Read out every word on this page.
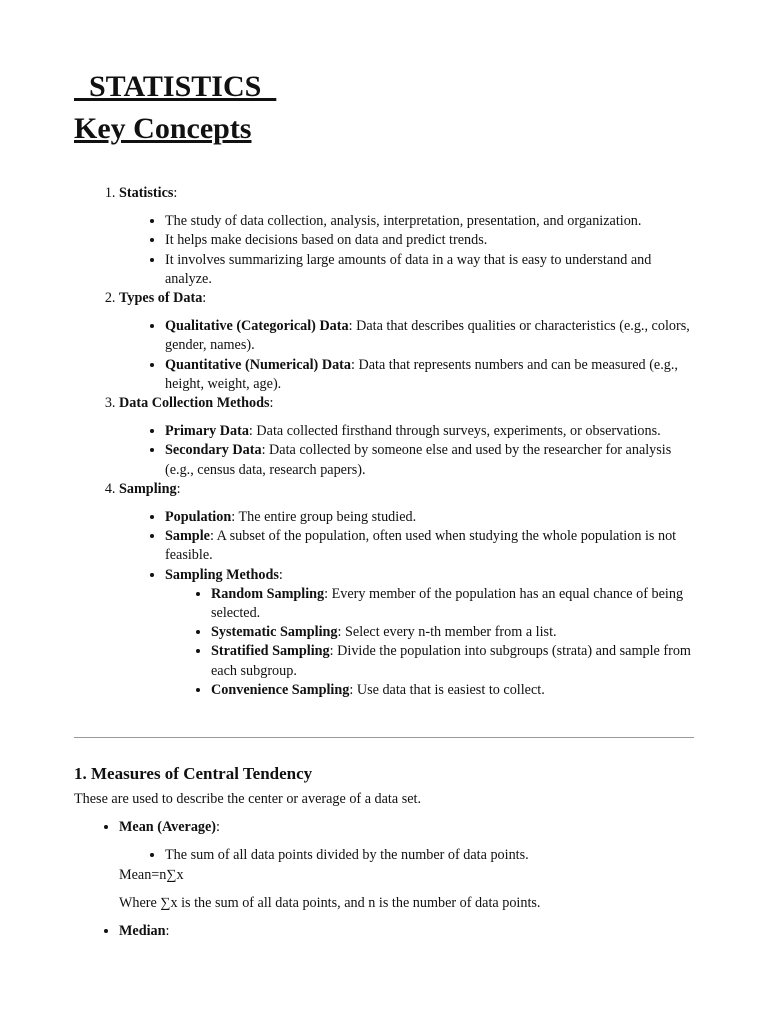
STATISTICS
Key Concepts
1. Statistics:
• The study of data collection, analysis, interpretation, presentation, and organization.
• It helps make decisions based on data and predict trends.
• It involves summarizing large amounts of data in a way that is easy to understand and analyze.
2. Types of Data:
• Qualitative (Categorical) Data: Data that describes qualities or characteristics (e.g., colors, gender, names).
• Quantitative (Numerical) Data: Data that represents numbers and can be measured (e.g., height, weight, age).
3. Data Collection Methods:
• Primary Data: Data collected firsthand through surveys, experiments, or observations.
• Secondary Data: Data collected by someone else and used by the researcher for analysis (e.g., census data, research papers).
4. Sampling:
• Population: The entire group being studied.
• Sample: A subset of the population, often used when studying the whole population is not feasible.
• Sampling Methods:
• Random Sampling: Every member of the population has an equal chance of being selected.
• Systematic Sampling: Select every n-th member from a list.
• Stratified Sampling: Divide the population into subgroups (strata) and sample from each subgroup.
• Convenience Sampling: Use data that is easiest to collect.
1. Measures of Central Tendency

These are used to describe the center or average of a data set.

• Mean (Average):
• The sum of all data points divided by the number of data points.
Mean=n∑x
Where ∑x is the sum of all data points, and n is the number of data points.
• Median:
